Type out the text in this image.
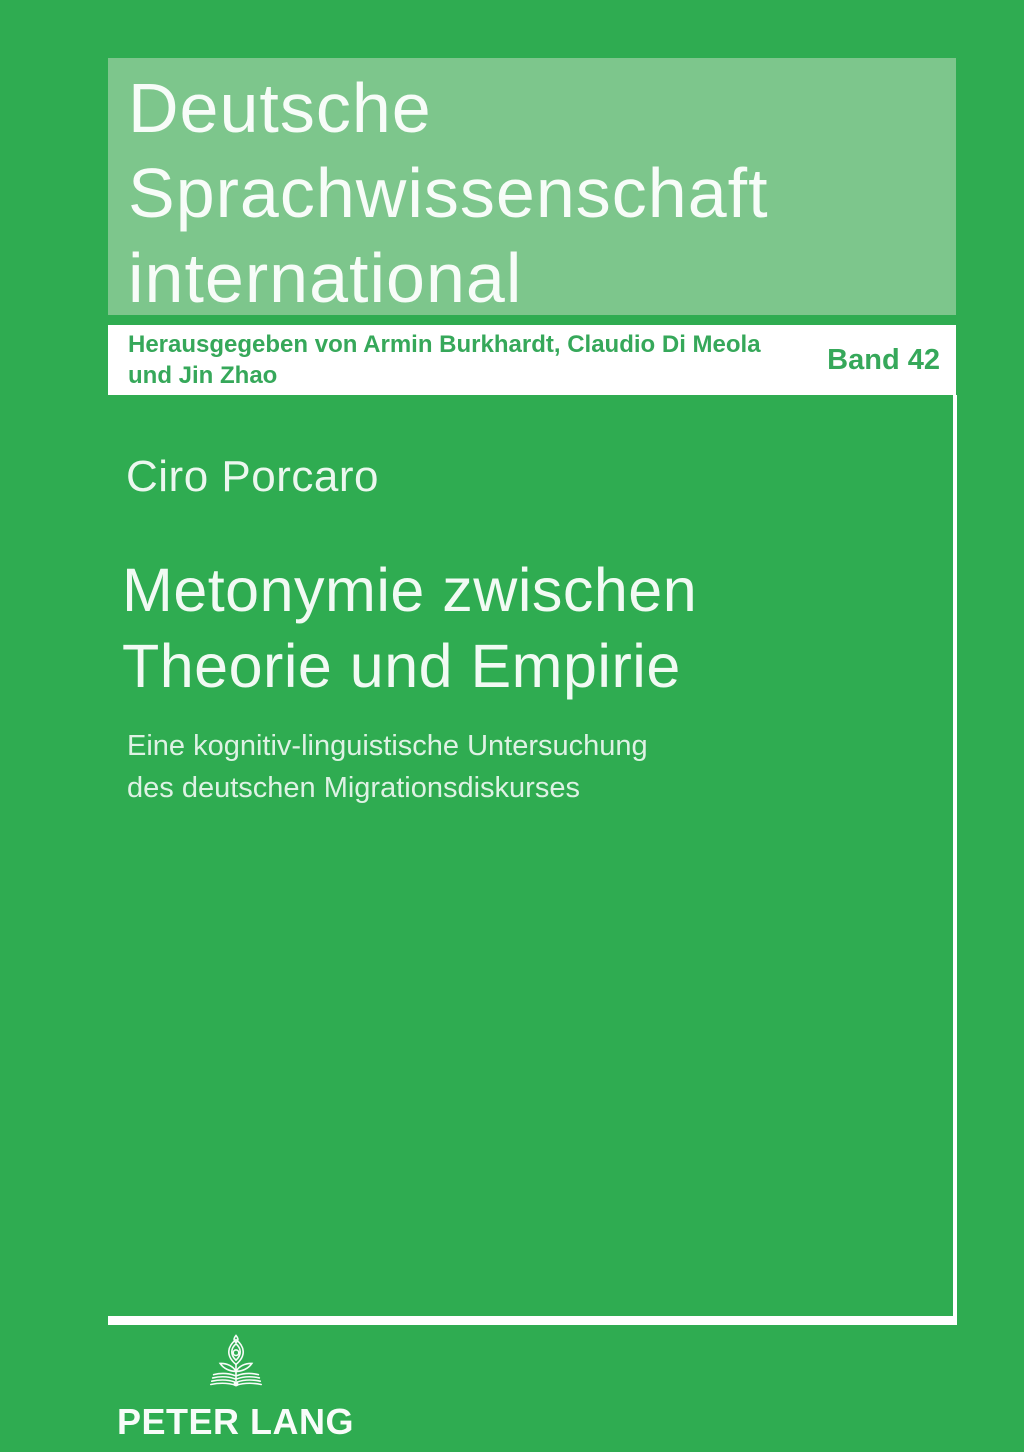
Deutsche
Sprachwissenschaft
international
Herausgegeben von Armin Burkhardt, Claudio Di Meola
und Jin Zhao	Band 42
Ciro Porcaro
Metonymie zwischen
Theorie und Empirie
Eine kognitiv-linguistische Untersuchung
des deutschen Migrationsdiskurses
PETER LANG
